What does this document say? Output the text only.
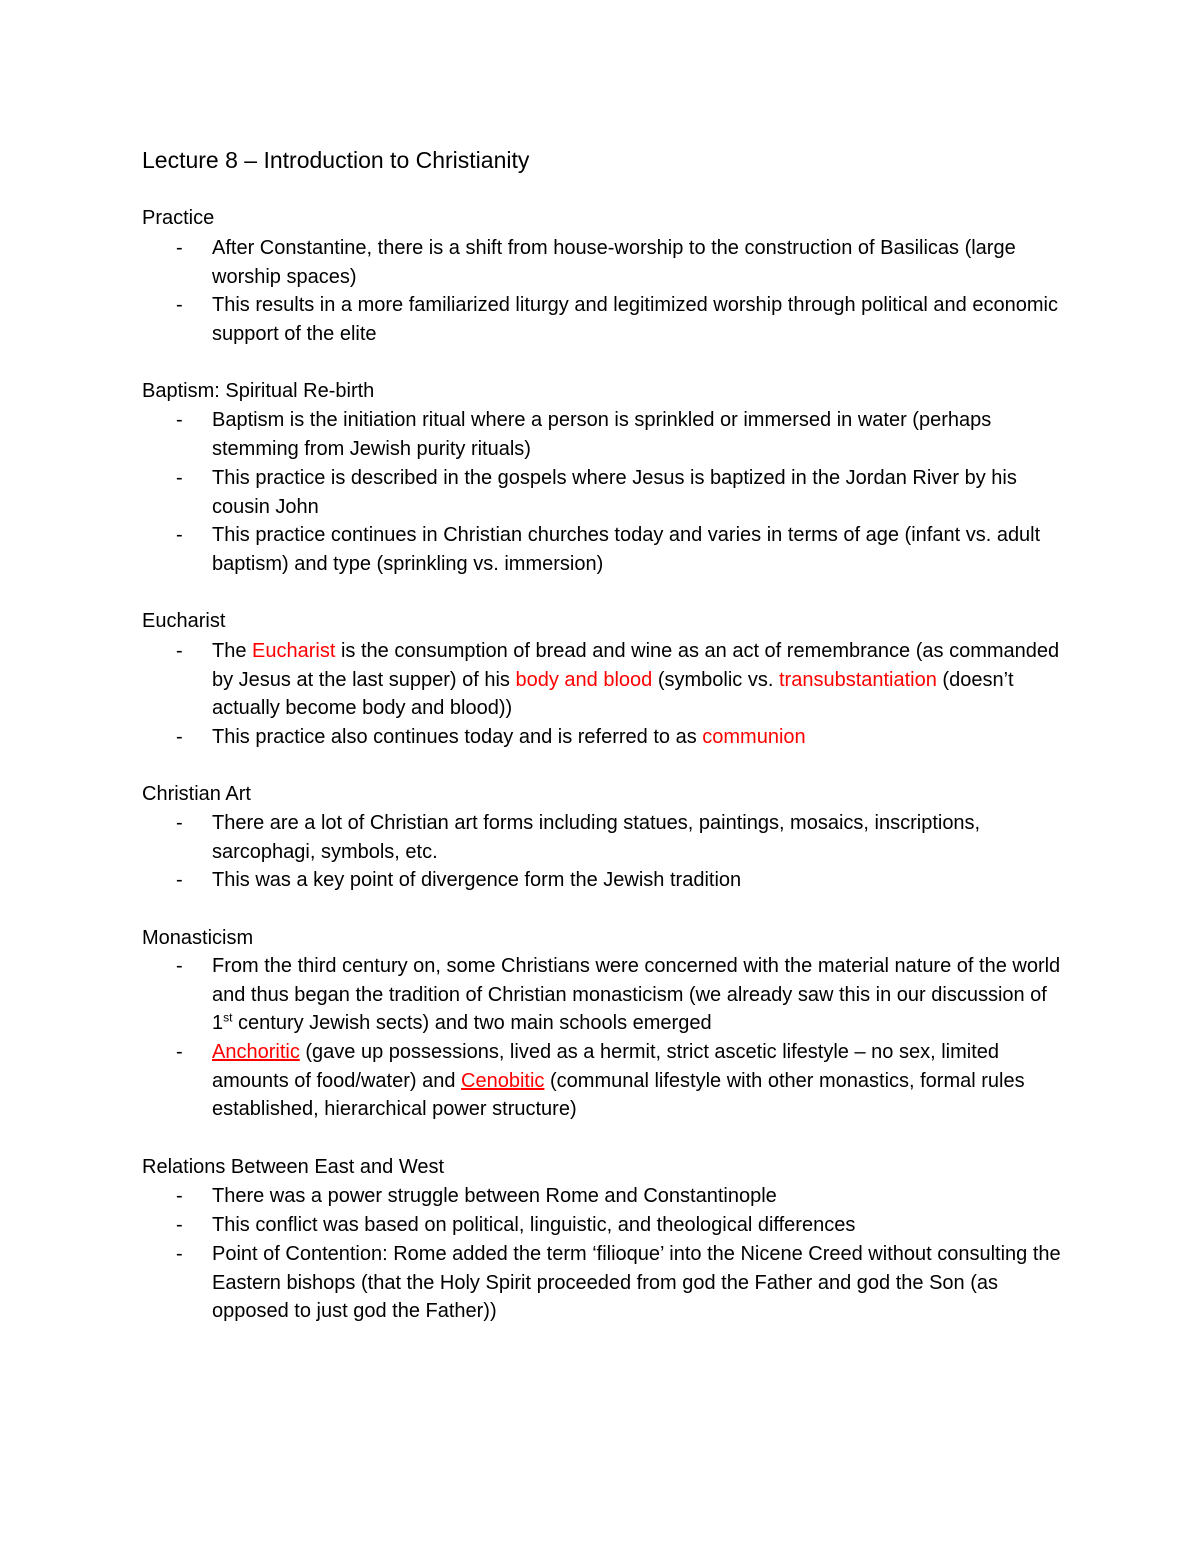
Lecture 8 – Introduction to Christianity
Practice
- After Constantine, there is a shift from house-worship to the construction of Basilicas (large worship spaces)
- This results in a more familiarized liturgy and legitimized worship through political and economic support of the elite
Baptism: Spiritual Re-birth
- Baptism is the initiation ritual where a person is sprinkled or immersed in water (perhaps stemming from Jewish purity rituals)
- This practice is described in the gospels where Jesus is baptized in the Jordan River by his cousin John
- This practice continues in Christian churches today and varies in terms of age (infant vs. adult baptism) and type (sprinkling vs. immersion)
Eucharist
- The Eucharist is the consumption of bread and wine as an act of remembrance (as commanded by Jesus at the last supper) of his body and blood (symbolic vs. transubstantiation (doesn’t actually become body and blood))
- This practice also continues today and is referred to as communion
Christian Art
- There are a lot of Christian art forms including statues, paintings, mosaics, inscriptions, sarcophagi, symbols, etc.
- This was a key point of divergence form the Jewish tradition
Monasticism
- From the third century on, some Christians were concerned with the material nature of the world and thus began the tradition of Christian monasticism (we already saw this in our discussion of 1st century Jewish sects) and two main schools emerged
- Anchoritic (gave up possessions, lived as a hermit, strict ascetic lifestyle – no sex, limited amounts of food/water) and Cenobitic (communal lifestyle with other monastics, formal rules established, hierarchical power structure)
Relations Between East and West
- There was a power struggle between Rome and Constantinople
- This conflict was based on political, linguistic, and theological differences
- Point of Contention: Rome added the term ‘filioque’ into the Nicene Creed without consulting the Eastern bishops (that the Holy Spirit proceeded from god the Father and god the Son (as opposed to just god the Father))
